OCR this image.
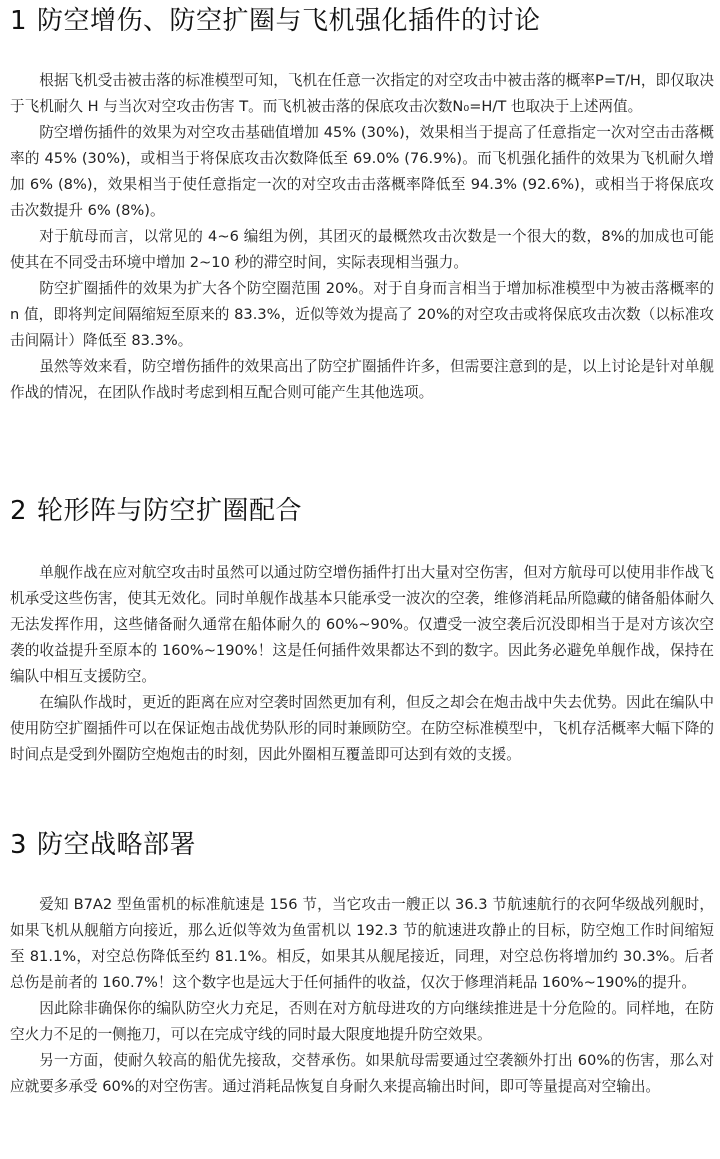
1 防空增伤、防空扩圈与飞机强化插件的讨论

根据飞机受击被击落的标准模型可知，飞机在任意一次指定的对空攻击中被击落的概率P=T/H，即仅取决于飞机耐久 H 与当次对空攻击伤害 T。而飞机被击落的保底攻击次数N₀=H/T 也取决于上述两值。

防空增伤插件的效果为对空攻击基础值增加 45% (30%)，效果相当于提高了任意指定一次对空击击落概率的 45% (30%)，或相当于将保底攻击次数降低至 69.0% (76.9%)。而飞机强化插件的效果为飞机耐久增加 6% (8%)，效果相当于使任意指定一次的对空攻击击落概率降低至 94.3% (92.6%)，或相当于将保底攻击次数提升 6% (8%)。

对于航母而言，以常见的 4~6 编组为例，其团灭的最概然攻击次数是一个很大的数，8%的加成也可能使其在不同受击环境中增加 2~10 秒的滞空时间，实际表现相当强力。

防空扩圈插件的效果为扩大各个防空圈范围 20%。对于自身而言相当于增加标准模型中为被击落概率的 n 值，即将判定间隔缩短至原来的 83.3%，近似等效为提高了 20%的对空攻击或将保底攻击次数（以标准攻击间隔计）降低至 83.3%。

虽然等效来看，防空增伤插件的效果高出了防空扩圈插件许多，但需要注意到的是，以上讨论是针对单舰作战的情况，在团队作战时考虑到相互配合则可能产生其他选项。

2 轮形阵与防空扩圈配合

单舰作战在应对航空攻击时虽然可以通过防空增伤插件打出大量对空伤害，但对方航母可以使用非作战飞机承受这些伤害，使其无效化。同时单舰作战基本只能承受一波次的空袭，维修消耗品所隐藏的储备船体耐久无法发挥作用，这些储备耐久通常在船体耐久的 60%~90%。仅遭受一波空袭后沉没即相当于是对方该次空袭的收益提升至原本的 160%~190%！这是任何插件效果都达不到的数字。因此务必避免单舰作战，保持在编队中相互支援防空。

在编队作战时，更近的距离在应对空袭时固然更加有利，但反之却会在炮击战中失去优势。因此在编队中使用防空扩圈插件可以在保证炮击战优势队形的同时兼顾防空。在防空标准模型中，飞机存活概率大幅下降的时间点是受到外圈防空炮炮击的时刻，因此外圈相互覆盖即可达到有效的支援。

3 防空战略部署

爱知 B7A2 型鱼雷机的标准航速是 156 节，当它攻击一艘正以 36.3 节航速航行的衣阿华级战列舰时，如果飞机从舰艏方向接近，那么近似等效为鱼雷机以 192.3 节的航速进攻静止的目标，防空炮工作时间缩短至 81.1%，对空总伤降低至约 81.1%。相反，如果其从舰尾接近，同理，对空总伤将增加约 30.3%。后者总伤是前者的 160.7%！这个数字也是远大于任何插件的收益，仅次于修理消耗品 160%~190%的提升。

因此除非确保你的编队防空火力充足，否则在对方航母进攻的方向继续推进是十分危险的。同样地，在防空火力不足的一侧拖刀，可以在完成守线的同时最大限度地提升防空效果。

另一方面，使耐久较高的船优先接敌，交替承伤。如果航母需要通过空袭额外打出 60%的伤害，那么对应就要多承受 60%的对空伤害。通过消耗品恢复自身耐久来提高输出时间，即可等量提高对空输出。
